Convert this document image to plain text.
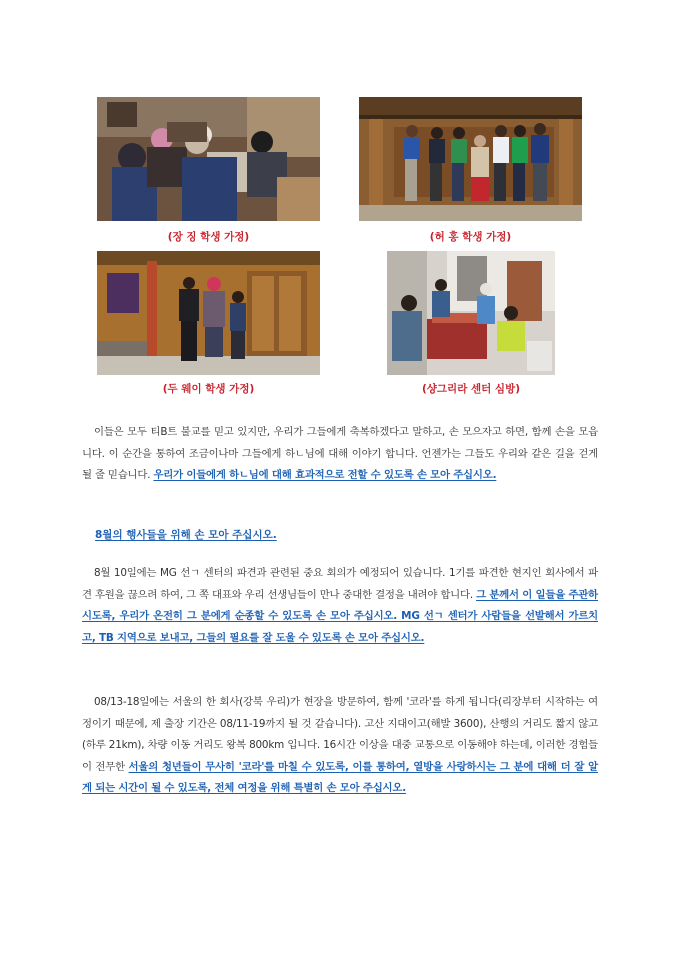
(장 징 학생 가정)	(허 홍 학생 가정)
(두 웨이 학생 가정)	(샹그리라 센터 심방)
이들은 모두 티B트 불교를 믿고 있지만, 우리가 그들에게 축복하겠다고 말하고, 손 모으자고 하면, 함께 손을 모읍니다. 이 순간을 통하여 조금이나마 그들에게 하ㄴ님에 대해 이야기 합니다. 언젠가는 그들도 우리와 같은 길을 걷게 될 줄 믿습니다. 우리가 이들에게 하ㄴ님에 대해 효과적으로 전할 수 있도록 손 모아 주십시오.
8월의 행사들을 위해 손 모아 주십시오.
8월 10일에는 MG 선ㄱ 센터의 파견과 관련된 중요 회의가 예정되어 있습니다. 1기를 파견한 현지인 회사에서 파견 후원을 끊으려 하여, 그 쪽 대표와 우리 선생님들이 만나 중대한 결정을 내려야 합니다. 그 분께서 이 일들을 주관하시도록, 우리가 온전히 그 분에게 순종할 수 있도록 손 모아 주십시오. MG 선ㄱ 센터가 사람들을 선발해서 가르치고, TB 지역으로 보내고, 그들의 필요를 잘 도울 수 있도록 손 모아 주십시오.
08/13-18일에는 서울의 한 회사(강북 우리)가 현장을 방문하여, 함께 '코라'를 하게 됩니다(리장부터 시작하는 여정이기 때문에, 제 출장 기간은 08/11-19까지 될 것 같습니다). 고산 지대이고(해발 3600), 산행의 거리도 짧지 않고(하루 21km), 차량 이동 거리도 왕복 800km 입니다. 16시간 이상을 대중 교통으로 이동해야 하는데, 이러한 경험들이 전무한 서울의 청년들이 무사히 '코라'를 마칠 수 있도록, 이를 통하여, 열방을 사랑하시는 그 분에 대해 더 잘 알게 되는 시간이 될 수 있도록, 전체 여정을 위해 특별히 손 모아 주십시오.
